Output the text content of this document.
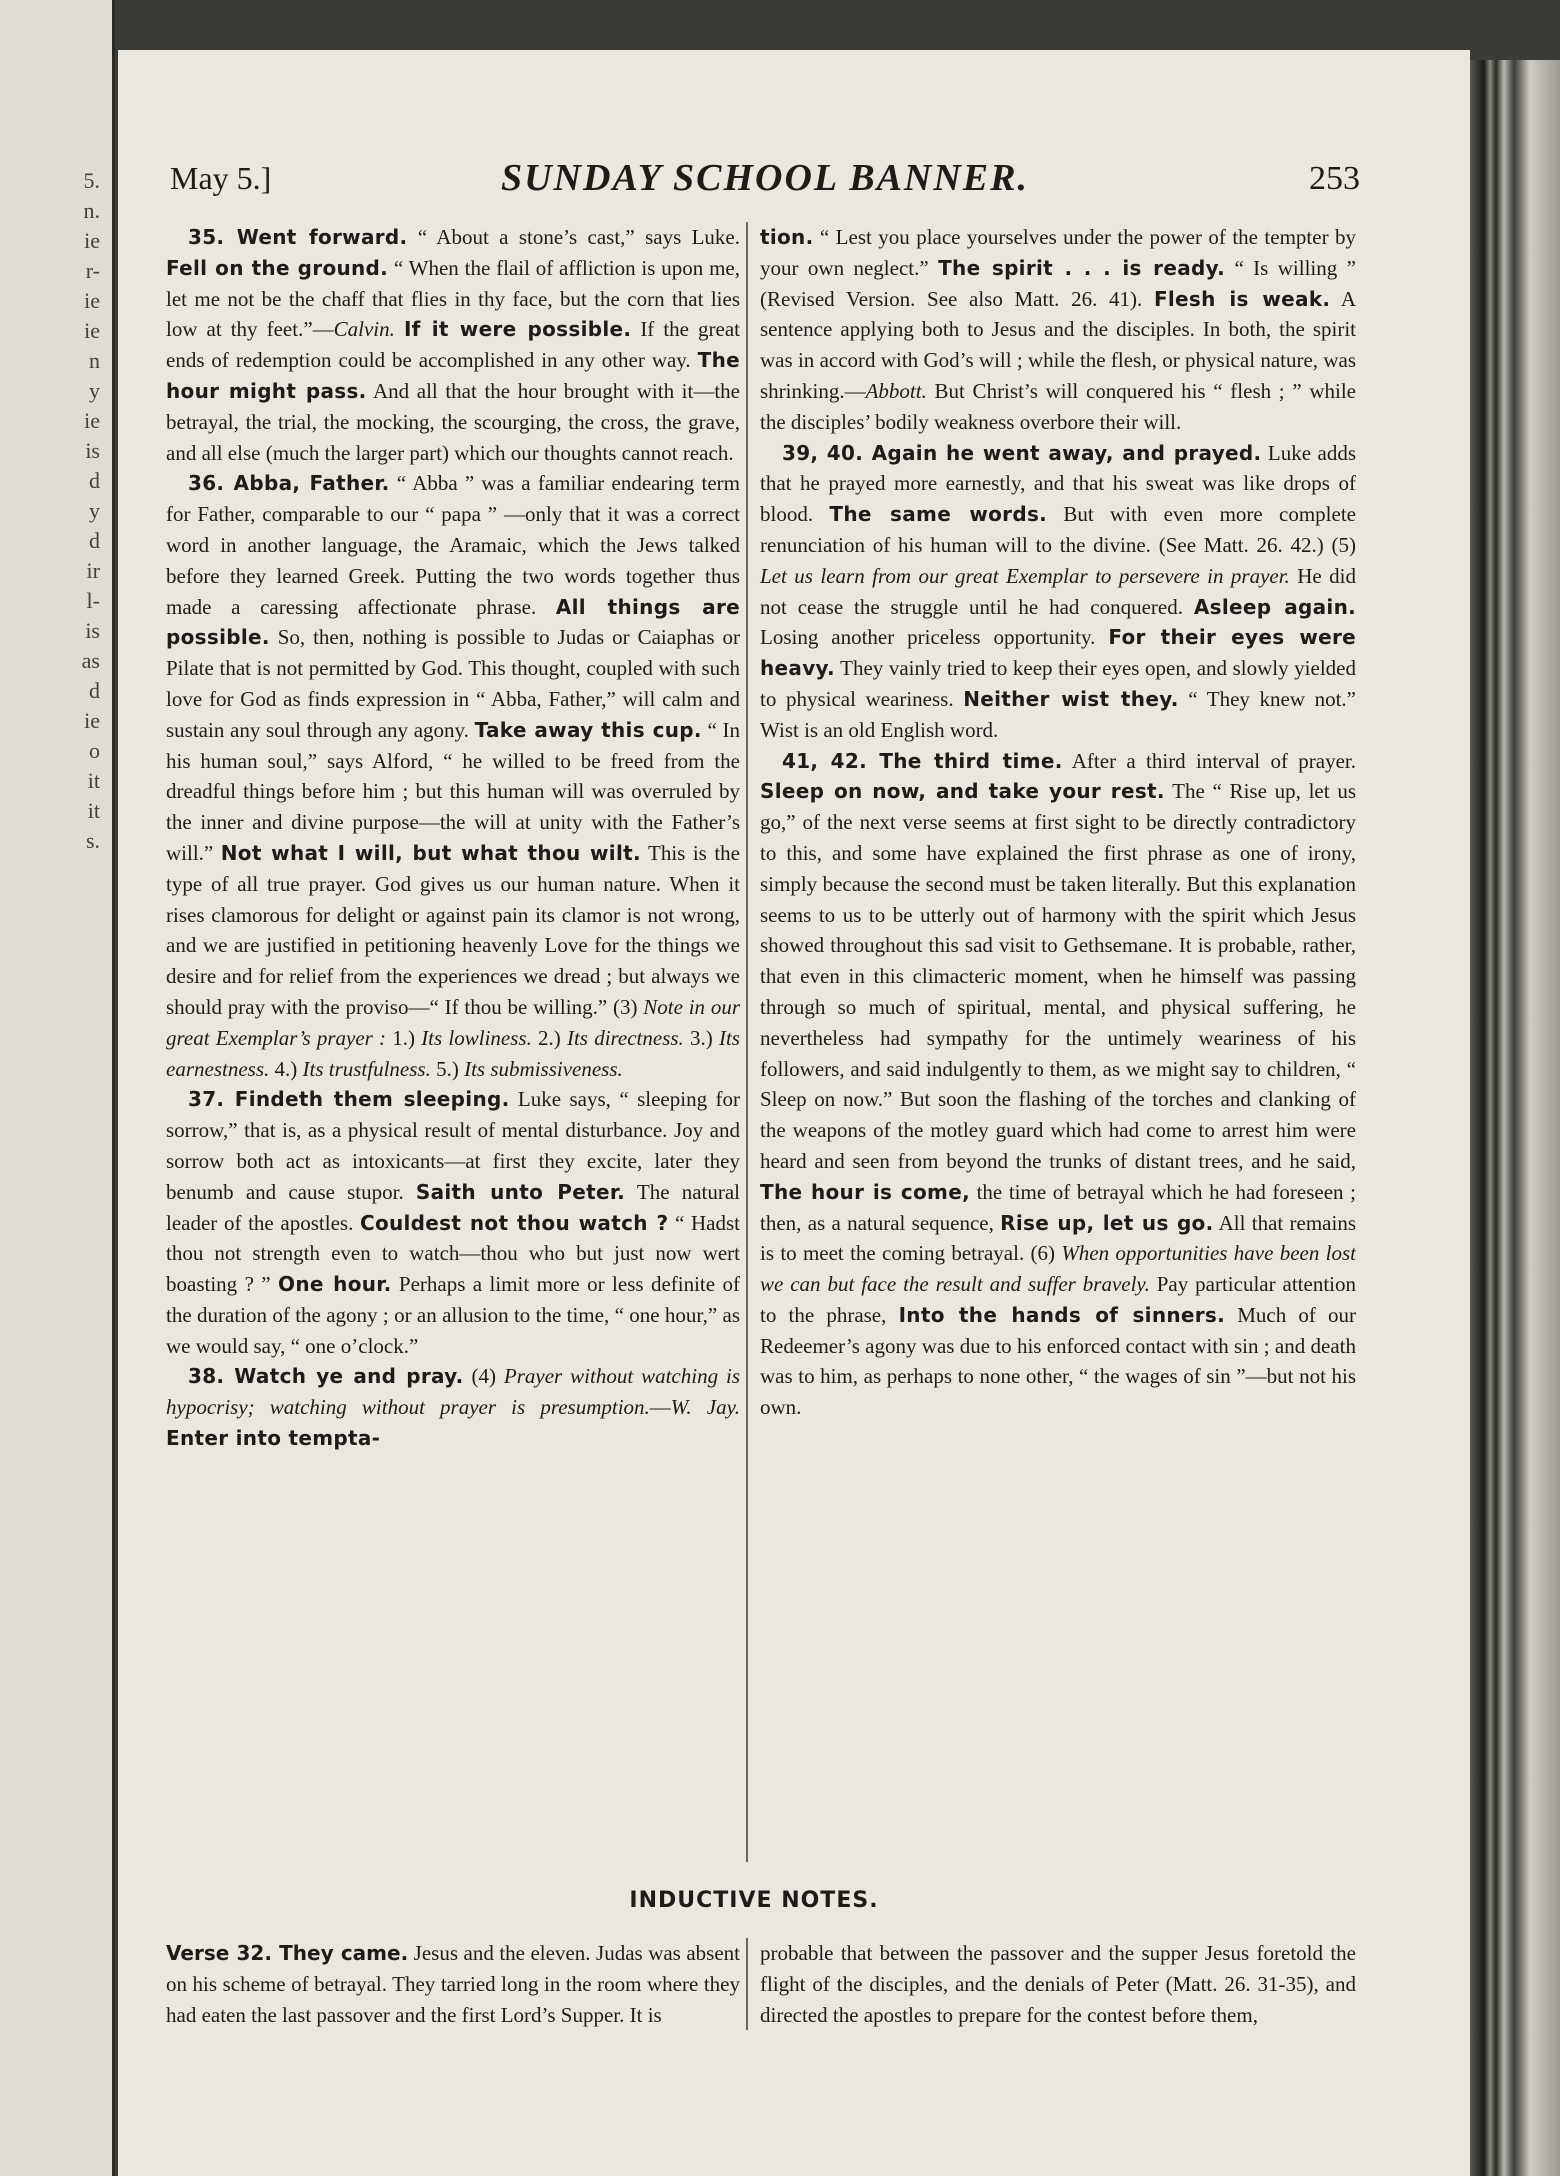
5.
n.
ie
r-
ie
ie
n
y
ie
is
d
y
d
ir
l-
is
as
d
ie
o
it
it
s.
May 5.]	SUNDAY SCHOOL BANNER.	253

35. Went forward. “ About a stone’s cast,” says Luke. Fell on the ground. “ When the flail of affliction is upon me, let me not be the chaff that flies in thy face, but the corn that lies low at thy feet.”—Calvin. If it were possible. If the great ends of redemption could be accomplished in any other way. The hour might pass. And all that the hour brought with it—the betrayal, the trial, the mocking, the scourging, the cross, the grave, and all else (much the larger part) which our thoughts cannot reach.

36. Abba, Father. “ Abba ” was a familiar endearing term for Father, comparable to our “ papa ” —only that it was a correct word in another language, the Aramaic, which the Jews talked before they learned Greek. Putting the two words together thus made a caressing affectionate phrase. All things are possible. So, then, nothing is possible to Judas or Caiaphas or Pilate that is not permitted by God. This thought, coupled with such love for God as finds expression in “ Abba, Father,” will calm and sustain any soul through any agony. Take away this cup. “ In his human soul,” says Alford, “ he willed to be freed from the dreadful things before him ; but this human will was overruled by the inner and divine purpose—the will at unity with the Father’s will.” Not what I will, but what thou wilt. This is the type of all true prayer. God gives us our human nature. When it rises clamorous for delight or against pain its clamor is not wrong, and we are justified in petitioning heavenly Love for the things we desire and for relief from the experiences we dread ; but always we should pray with the proviso—“ If thou be willing.” (3) Note in our great Exemplar’s prayer : 1.) Its lowliness. 2.) Its directness. 3.) Its earnestness. 4.) Its trustfulness. 5.) Its submissiveness.

37. Findeth them sleeping. Luke says, “ sleeping for sorrow,” that is, as a physical result of mental disturbance. Joy and sorrow both act as intoxicants—at first they excite, later they benumb and cause stupor. Saith unto Peter. The natural leader of the apostles. Couldest not thou watch ? “ Hadst thou not strength even to watch—thou who but just now wert boasting ? ” One hour. Perhaps a limit more or less definite of the duration of the agony ; or an allusion to the time, “ one hour,” as we would say, “ one o’clock.”

38. Watch ye and pray. (4) Prayer without watching is hypocrisy; watching without prayer is presumption.—W. Jay. Enter into tempta-

tion. “ Lest you place yourselves under the power of the tempter by your own neglect.” The spirit . . . is ready. “ Is willing ” (Revised Version. See also Matt. 26. 41). Flesh is weak. A sentence applying both to Jesus and the disciples. In both, the spirit was in accord with God’s will ; while the flesh, or physical nature, was shrinking.—Abbott. But Christ’s will conquered his “ flesh ; ” while the disciples’ bodily weakness overbore their will.

39, 40. Again he went away, and prayed. Luke adds that he prayed more earnestly, and that his sweat was like drops of blood. The same words. But with even more complete renunciation of his human will to the divine. (See Matt. 26. 42.) (5) Let us learn from our great Exemplar to persevere in prayer. He did not cease the struggle until he had conquered. Asleep again. Losing another priceless opportunity. For their eyes were heavy. They vainly tried to keep their eyes open, and slowly yielded to physical weariness. Neither wist they. “ They knew not.” Wist is an old English word.

41, 42. The third time. After a third interval of prayer. Sleep on now, and take your rest. The “ Rise up, let us go,” of the next verse seems at first sight to be directly contradictory to this, and some have explained the first phrase as one of irony, simply because the second must be taken literally. But this explanation seems to us to be utterly out of harmony with the spirit which Jesus showed throughout this sad visit to Gethsemane. It is probable, rather, that even in this climacteric moment, when he himself was passing through so much of spiritual, mental, and physical suffering, he nevertheless had sympathy for the untimely weariness of his followers, and said indulgently to them, as we might say to children, “ Sleep on now.” But soon the flashing of the torches and clanking of the weapons of the motley guard which had come to arrest him were heard and seen from beyond the trunks of distant trees, and he said, The hour is come, the time of betrayal which he had foreseen ; then, as a natural sequence, Rise up, let us go. All that remains is to meet the coming betrayal. (6) When opportunities have been lost we can but face the result and suffer bravely. Pay particular attention to the phrase, Into the hands of sinners. Much of our Redeemer’s agony was due to his enforced contact with sin ; and death was to him, as perhaps to none other, “ the wages of sin ”—but not his own.

INDUCTIVE NOTES.

Verse 32. They came. Jesus and the eleven. Judas was absent on his scheme of betrayal. They tarried long in the room where they had eaten the last passover and the first Lord’s Supper. It is

probable that between the passover and the supper Jesus foretold the flight of the disciples, and the denials of Peter (Matt. 26. 31-35), and directed the apostles to prepare for the contest before them,
